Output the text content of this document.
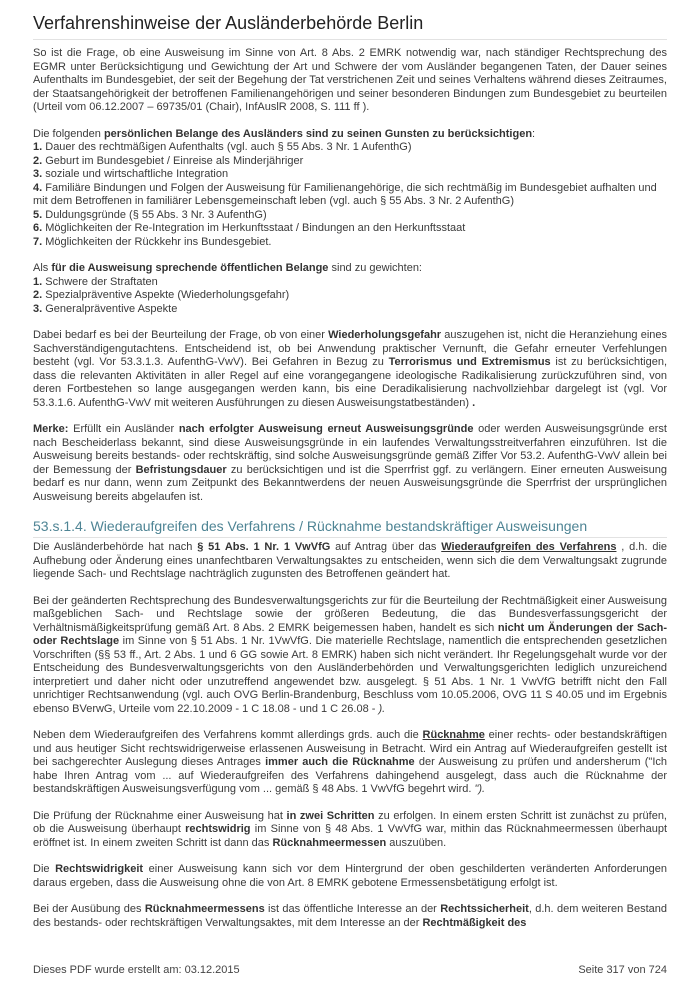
Verfahrenshinweise der Ausländerbehörde Berlin

So ist die Frage, ob eine Ausweisung im Sinne von Art. 8 Abs. 2 EMRK notwendig war, nach ständiger Rechtsprechung des EGMR unter Berücksichtigung und Gewichtung der Art und Schwere der vom Ausländer begangenen Taten, der Dauer seines Aufenthalts im Bundesgebiet, der seit der Begehung der Tat verstrichenen Zeit und seines Verhaltens während dieses Zeitraumes, der Staatsangehörigkeit der betroffenen Familienangehörigen und seiner besonderen Bindungen zum Bundesgebiet zu beurteilen (Urteil vom 06.12.2007 – 69735/01 (Chair), InfAuslR 2008, S. 111 ff ).

Die folgenden persönlichen Belange des Ausländers sind zu seinen Gunsten zu berücksichtigen:
1. Dauer des rechtmäßigen Aufenthalts (vgl. auch § 55 Abs. 3 Nr. 1 AufenthG)
2. Geburt im Bundesgebiet / Einreise als Minderjähriger
3. soziale und wirtschaftliche Integration
4. Familiäre Bindungen und Folgen der Ausweisung für Familienangehörige, die sich rechtmäßig im Bundesgebiet aufhalten und mit dem Betroffenen in familiärer Lebensgemeinschaft leben (vgl. auch § 55 Abs. 3 Nr. 2 AufenthG)
5. Duldungsgründe (§ 55 Abs. 3 Nr. 3 AufenthG)
6. Möglichkeiten der Re-Integration im Herkunftsstaat / Bindungen an den Herkunftsstaat
7. Möglichkeiten der Rückkehr ins Bundesgebiet.
Als für die Ausweisung sprechende öffentlichen Belange sind zu gewichten:
1. Schwere der Straftaten
2. Spezialpräventive Aspekte (Wiederholungsgefahr)
3. Generalpräventive Aspekte

Dabei bedarf es bei der Beurteilung der Frage, ob von einer Wiederholungsgefahr auszugehen ist, nicht die Heranziehung eines Sachverständigengutachtens. Entscheidend ist, ob bei Anwendung praktischer Vernunft, die Gefahr erneuter Verfehlungen besteht (vgl. Vor 53.3.1.3. AufenthG-VwV). Bei Gefahren in Bezug zu Terrorismus und Extremismus ist zu berücksichtigen, dass die relevanten Aktivitäten in aller Regel auf eine vorangegangene ideologische Radikalisierung zurückzuführen sind, von deren Fortbestehen so lange ausgegangen werden kann, bis eine Deradikalisierung nachvollziehbar dargelegt ist (vgl. Vor 53.3.1.6. AufenthG-VwV mit weiteren Ausführungen zu diesen Ausweisungstatbeständen) .

Merke: Erfüllt ein Ausländer nach erfolgter Ausweisung erneut Ausweisungsgründe oder werden Ausweisungsgründe erst nach Bescheiderlass bekannt, sind diese Ausweisungsgründe in ein laufendes Verwaltungsstreitverfahren einzuführen. Ist die Ausweisung bereits bestands- oder rechtskräftig, sind solche Ausweisungsgründe gemäß Ziffer Vor 53.2. AufenthG-VwV allein bei der Bemessung der Befristungsdauer zu berücksichtigen und ist die Sperrfrist ggf. zu verlängern. Einer erneuten Ausweisung bedarf es nur dann, wenn zum Zeitpunkt des Bekanntwerdens der neuen Ausweisungsgründe die Sperrfrist der ursprünglichen Ausweisung bereits abgelaufen ist.

53.s.1.4. Wiederaufgreifen des Verfahrens / Rücknahme bestandskräftiger Ausweisungen

Die Ausländerbehörde hat nach § 51 Abs. 1 Nr. 1 VwVfG auf Antrag über das Wiederaufgreifen des Verfahrens , d.h. die Aufhebung oder Änderung eines unanfechtbaren Verwaltungsaktes zu entscheiden, wenn sich die dem Verwaltungsakt zugrunde liegende Sach- und Rechtslage nachträglich zugunsten des Betroffenen geändert hat.

Bei der geänderten Rechtsprechung des Bundesverwaltungsgerichts zur für die Beurteilung der Rechtmäßigkeit einer Ausweisung maßgeblichen Sach- und Rechtslage sowie der größeren Bedeutung, die das Bundesverfassungsgericht der Verhältnismäßigkeitsprüfung gemäß Art. 8 Abs. 2 EMRK beigemessen haben, handelt es sich nicht um Änderungen der Sach- oder Rechtslage im Sinne von § 51 Abs. 1 Nr. 1VwVfG. Die materielle Rechtslage, namentlich die entsprechenden gesetzlichen Vorschriften (§§ 53 ff., Art. 2 Abs. 1 und 6 GG sowie Art. 8 EMRK) haben sich nicht verändert. Ihr Regelungsgehalt wurde vor der Entscheidung des Bundesverwaltungsgerichts von den Ausländerbehörden und Verwaltungsgerichten lediglich unzureichend interpretiert und daher nicht oder unzutreffend angewendet bzw. ausgelegt. § 51 Abs. 1 Nr. 1 VwVfG betrifft nicht den Fall unrichtiger Rechtsanwendung (vgl. auch OVG Berlin-Brandenburg, Beschluss vom 10.05.2006, OVG 11 S 40.05 und im Ergebnis ebenso BVerwG, Urteile vom 22.10.2009 - 1 C 18.08 - und 1 C 26.08 - ).

Neben dem Wiederaufgreifen des Verfahrens kommt allerdings grds. auch die Rücknahme einer rechts- oder bestandskräftigen und aus heutiger Sicht rechtswidrigerweise erlassenen Ausweisung in Betracht. Wird ein Antrag auf Wiederaufgreifen gestellt ist bei sachgerechter Auslegung dieses Antrages immer auch die Rücknahme der Ausweisung zu prüfen und andersherum ("Ich habe Ihren Antrag vom ... auf Wiederaufgreifen des Verfahrens dahingehend ausgelegt, dass auch die Rücknahme der bestandskräftigen Ausweisungsverfügung vom ... gemäß § 48 Abs. 1 VwVfG begehrt wird. ").

Die Prüfung der Rücknahme einer Ausweisung hat in zwei Schritten zu erfolgen. In einem ersten Schritt ist zunächst zu prüfen, ob die Ausweisung überhaupt rechtswidrig im Sinne von § 48 Abs. 1 VwVfG war, mithin das Rücknahmeermessen überhaupt eröffnet ist. In einem zweiten Schritt ist dann das Rücknahmeermessen auszuüben.

Die Rechtswidrigkeit einer Ausweisung kann sich vor dem Hintergrund der oben geschilderten veränderten Anforderungen daraus ergeben, dass die Ausweisung ohne die von Art. 8 EMRK gebotene Ermessensbetätigung erfolgt ist.

Bei der Ausübung des Rücknahmeermessens ist das öffentliche Interesse an der Rechtssicherheit, d.h. dem weiteren Bestand des bestands- oder rechtskräftigen Verwaltungsaktes, mit dem Interesse an der Rechtmäßigkeit des

Dieses PDF wurde erstellt am: 03.12.2015	Seite 317 von 724
